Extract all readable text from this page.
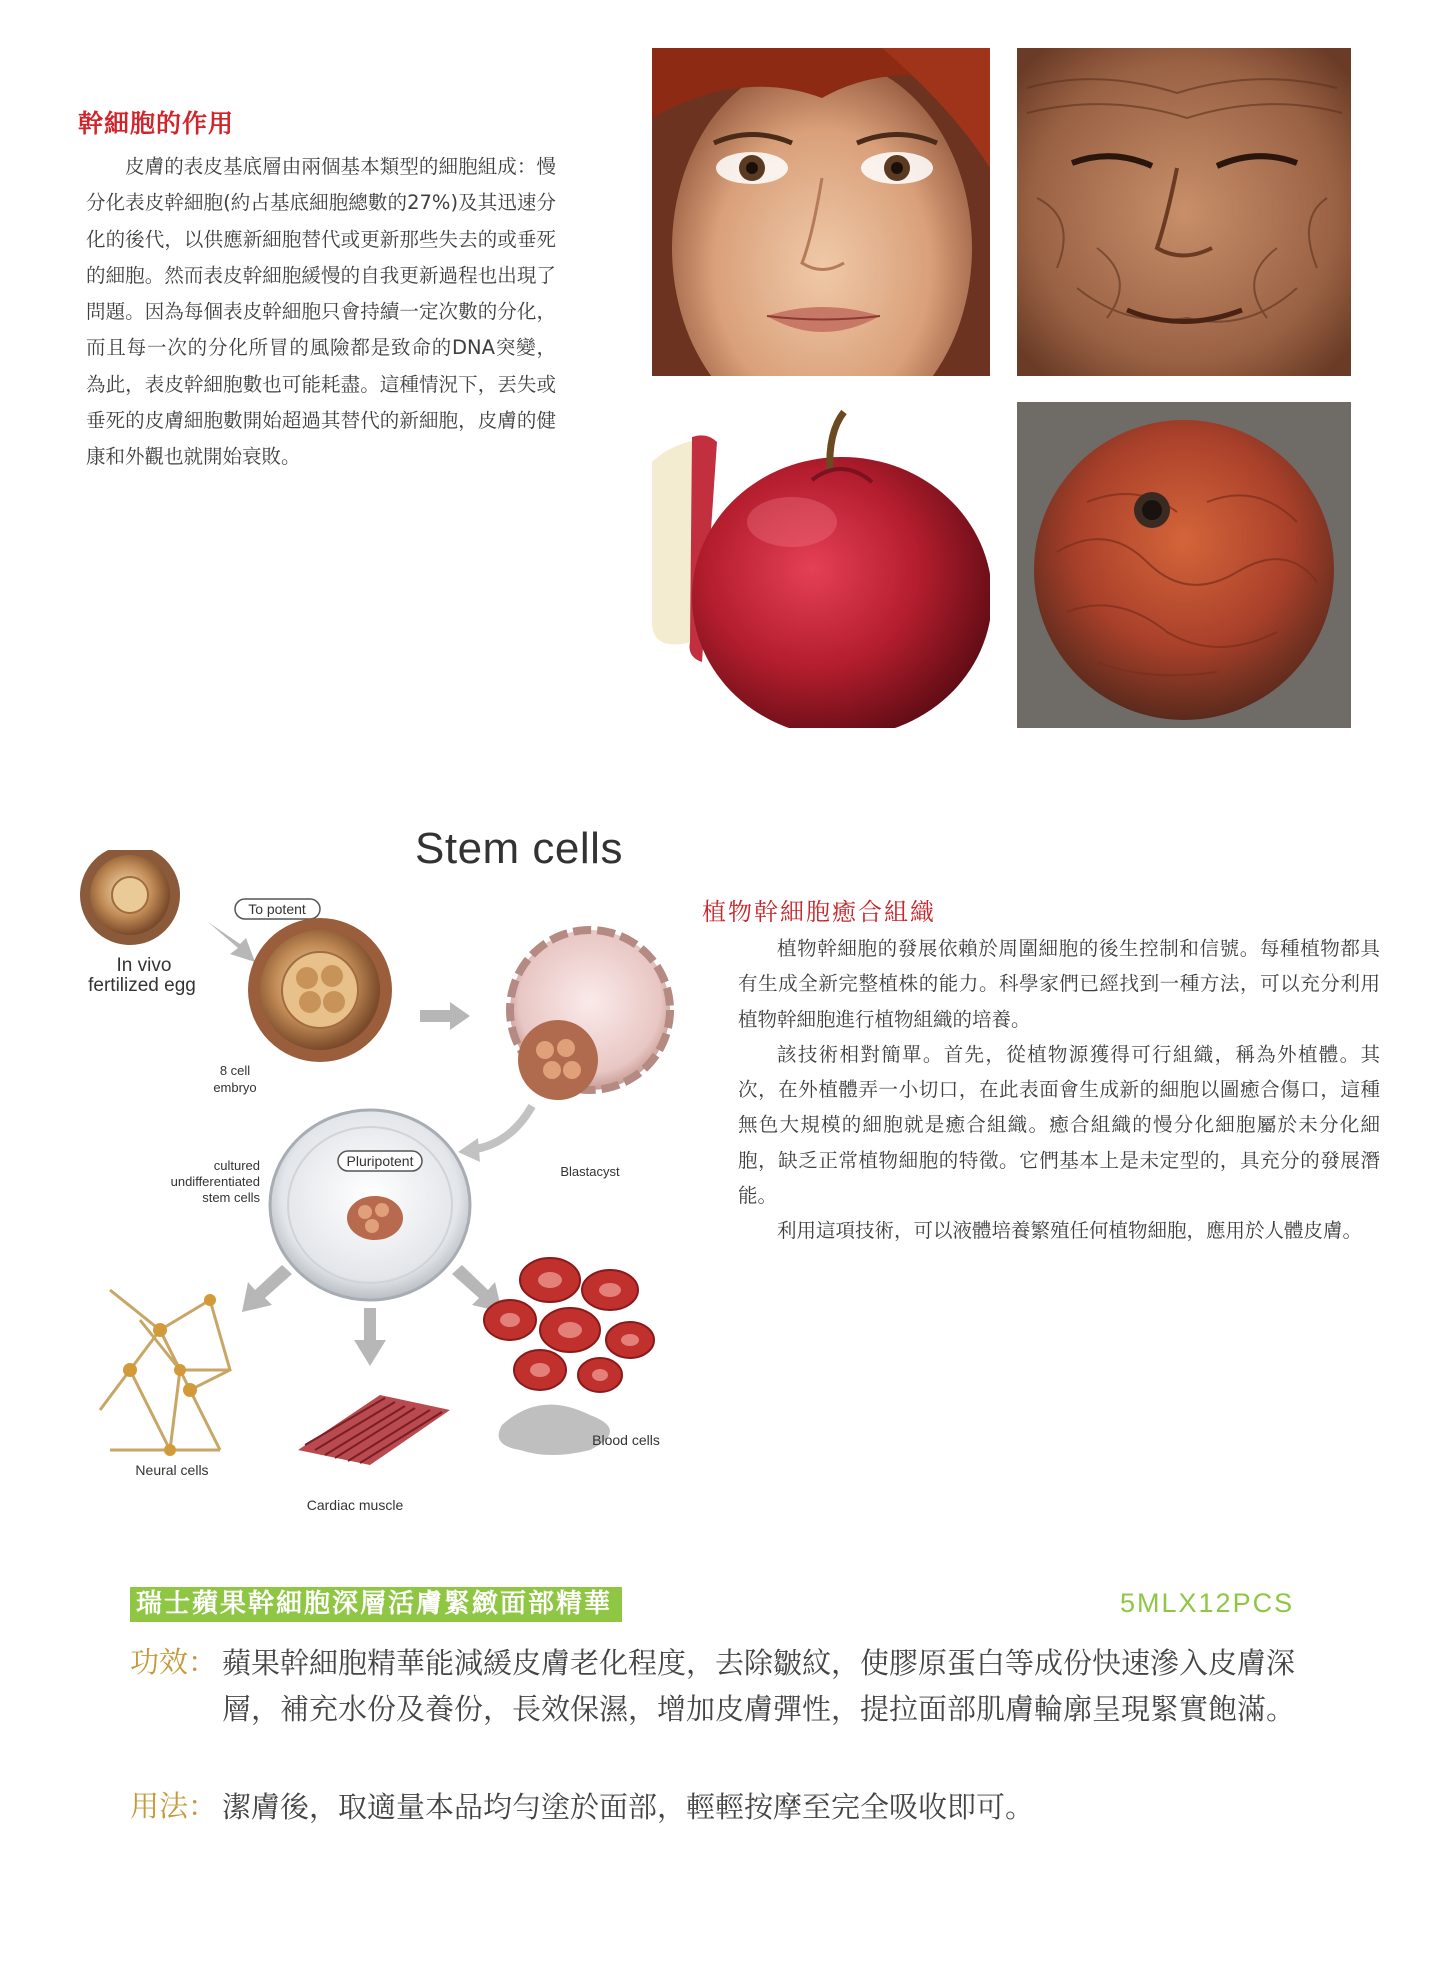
幹細胞的作用

皮膚的表皮基底層由兩個基本類型的細胞組成：慢分化表皮幹細胞(約占基底細胞總數的27%)及其迅速分化的後代，以供應新細胞替代或更新那些失去的或垂死的細胞。然而表皮幹細胞緩慢的自我更新過程也出現了問題。因為每個表皮幹細胞只會持續一定次數的分化，而且每一次的分化所冒的風險都是致命的DNA突變，為此，表皮幹細胞數也可能耗盡。這種情況下，丟失或垂死的皮膚細胞數開始超過其替代的新細胞，皮膚的健康和外觀也就開始衰敗。

Stem cells
In vivo
fertilized egg
To potent
8 cell
embryo
Blastacyst
Pluripotent
cultured
undifferentiated
stem cells
Neural cells
Cardiac muscle
Blood cells
植物幹細胞癒合組織

植物幹細胞的發展依賴於周圍細胞的後生控制和信號。每種植物都具有生成全新完整植株的能力。科學家們已經找到一種方法，可以充分利用植物幹細胞進行植物組織的培養。

該技術相對簡單。首先，從植物源獲得可行組織，稱為外植體。其次，在外植體弄一小切口，在此表面會生成新的細胞以圖癒合傷口，這種無色大規模的細胞就是癒合組織。癒合組織的慢分化細胞屬於未分化細胞，缺乏正常植物細胞的特徵。它們基本上是未定型的，具充分的發展潛能。

利用這項技術，可以液體培養繁殖任何植物細胞，應用於人體皮膚。

瑞士蘋果幹細胞深層活膚緊緻面部精華	5MLX12PCS
功效： 蘋果幹細胞精華能減緩皮膚老化程度，去除皺紋，使膠原蛋白等成份快速滲入皮膚深層，補充水份及養份，長效保濕，增加皮膚彈性，提拉面部肌膚輪廓呈現緊實飽滿。
用法： 潔膚後，取適量本品均勻塗於面部，輕輕按摩至完全吸收即可。
